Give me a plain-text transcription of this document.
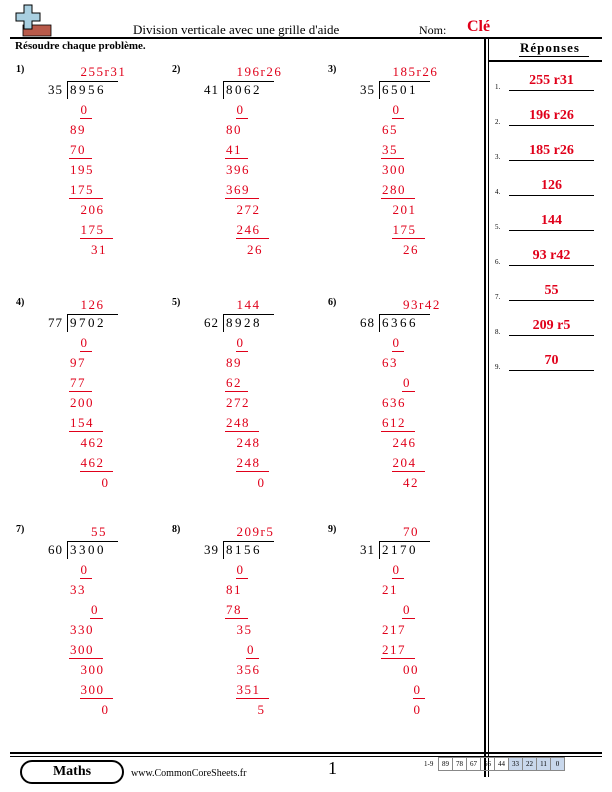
Division verticale avec une grille d'aide	Nom: Clé
Résoudre chaque problème.	Réponses
1.	255 r31
2.	196 r26
3.	185 r26
4.	126
5.	144
6.	93 r42
7.	55
8.	209 r5
9.	70
1)	255r31
35 8956
0
89
70
195
175
206
175
31
2)	196r26
41 8062
0
80
41
396
369
272
246
26
3)	185r26
35 6501
0
65
35
300
280
201
175
26
4)	126
77 9702
0
97
77
200
154
462
462
0
5)	144
62 8928
0
89
62
272
248
248
248
0
6)	93r42
68 6366
0
63
0
636
612
246
204
42
7)	55
60 3300
0
33
0
330
300
300
300
0
8)	209r5
39 8156
0
81
78
35
0
356
351
5
9)	70
31 2170
0
21
0
217
217
00
0
0
Maths	www.CommonCoreSheets.fr	1	1-9	89	78	67	56	44	33	22	11	0
